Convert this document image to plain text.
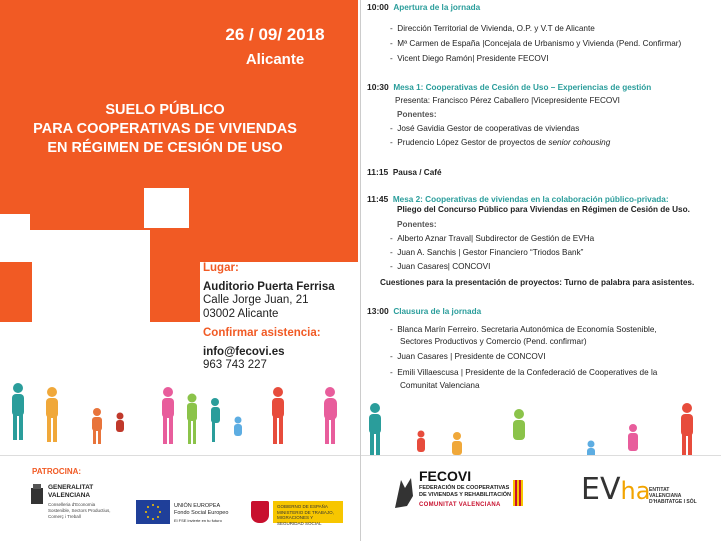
26 / 09/ 2018
Alicante
SUELO PÚBLICO
PARA COOPERATIVAS DE VIVIENDAS
EN RÉGIMEN DE CESIÓN DE USO
Lugar:
Auditorio Puerta Ferrisa
Calle Jorge Juan, 21
03002 Alicante
Confirmar asistencia:
info@fecovi.es
963 743 227
PATROCINA:
GENERALITAT
VALENCIANA
Conselleria d'Economia Sostenible, Sectors Productius, Comerç i Treball
UNIÓN EUROPEA
Fondo Social Europeo
El FSE invierte en tu futuro
GOBIERNO DE ESPAÑA
MINISTERIO DE TRABAJO, MIGRACIONES Y SEGURIDAD SOCIAL
10:00 Apertura de la jornada
-  Dirección Territorial de Vivienda, O.P. y V.T de Alicante
-  Mª Carmen de España |Concejala de Urbanismo y Vivienda (Pend. Confirmar)
-  Vicent Diego Ramón| Presidente FECOVI
10:30 Mesa 1: Cooperativas de Cesión de Uso – Experiencias de gestión
Presenta: Francisco Pérez Caballero |Vicepresidente FECOVI
Ponentes:
-  José Gavidia Gestor de cooperativas de viviendas
-  Prudencio López Gestor de proyectos de senior cohousing
11:15 Pausa / Café
11:45 Mesa 2: Cooperativas de viviendas en la colaboración público-privada:
Pliego del Concurso Público para Viviendas en Régimen de Cesión de Uso.
Ponentes:
-  Alberto Aznar Traval| Subdirector de Gestión de EVHa
-  Juan A. Sanchis | Gestor Financiero “Triodos Bank”
-  Juan Casares| CONCOVI
Cuestiones para la presentación de proyectos: Turno de palabra para asistentes.
13:00 Clausura de la jornada
-  Blanca Marín Ferreiro. Secretaria Autonómica de Economía Sostenible,
Sectores Productivos y Comercio (Pend. confirmar)
-  Juan Casares | Presidente de CONCOVI
-  Emili Villaescusa | Presidente de la Confederació de Cooperatives de la
Comunitat Valenciana
FECOVI
FEDERACIÓN DE COOPERATIVAS
DE VIVIENDAS Y REHABILITACIÓN
COMUNITAT VALENCIANA	EVha
ENTITAT
VALENCIANA
D'HABITATGE I SÒL
